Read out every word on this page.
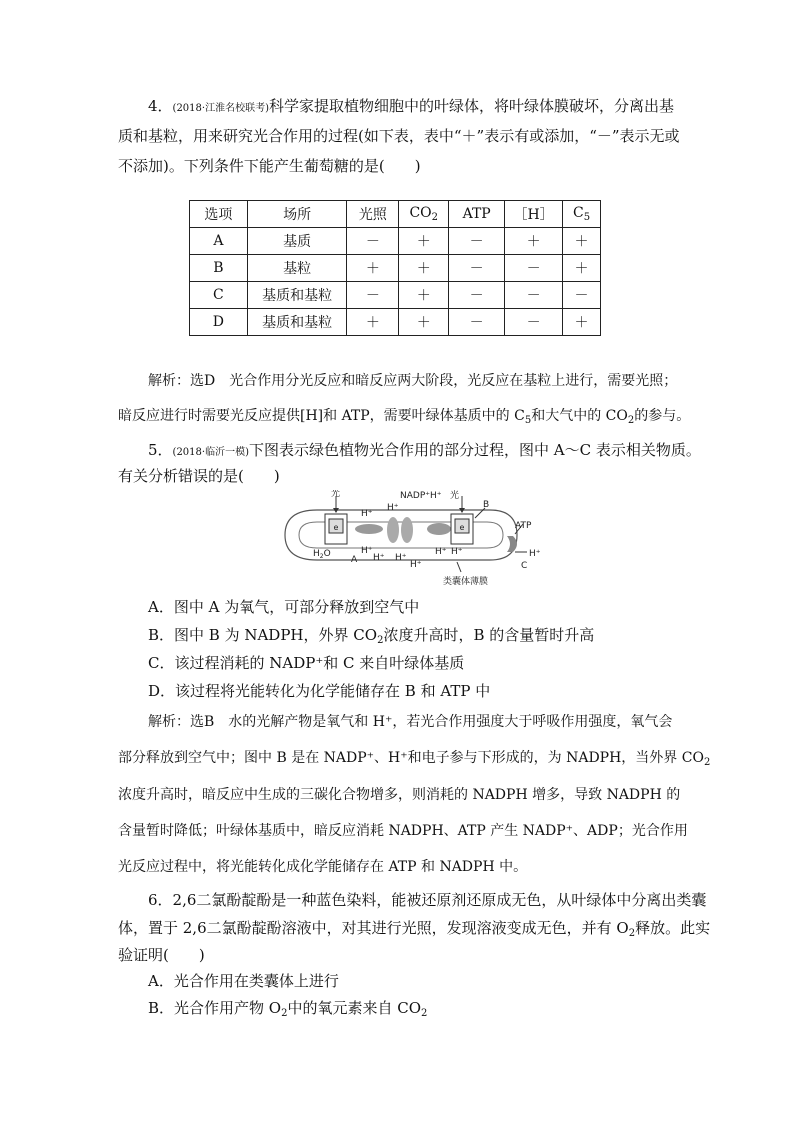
4．(2018·江淮名校联考)科学家提取植物细胞中的叶绿体，将叶绿体膜破坏，分离出基
质和基粒，用来研究光合作用的过程(如下表，表中“＋”表示有或添加，“－”表示无或
不添加)。下列条件下能产生葡萄糖的是(　　)
选项	场所	光照	$CO_2$	ATP	［H］	$C_5$
A	基质	－	＋	－	＋	＋
B	基粒	＋	＋	－	－	＋
C	基质和基粒	－	＋	－	－	－
D	基质和基粒	＋	＋	－	－	＋
解析：选D　光合作用分光反应和暗反应两大阶段，光反应在基粒上进行，需要光照；
暗反应进行时需要光反应提供[H]和 ATP，需要叶绿体基质中的 $C_5$和大气中的 $CO_2$的参与。
5．(2018·临沂一模)下图表示绿色植物光合作用的部分过程，图中 A～C 表示相关物质。
有关分析错误的是(　　)
e	e
光	NADP⁺H⁺ 光
B
H⁺
H⁺
$H_2O$
A
H⁺
H⁺ H⁺
H⁺
H⁺ H⁺
ATP
H⁺
C
类囊体薄膜
A．图中 A 为氧气，可部分释放到空气中
B．图中 B 为 NADPH，外界 $CO_2$浓度升高时，B 的含量暂时升高
C．该过程消耗的 NADP⁺和 C 来自叶绿体基质
D．该过程将光能转化为化学能储存在 B 和 ATP 中
解析：选B　水的光解产物是氧气和 H⁺，若光合作用强度大于呼吸作用强度，氧气会
部分释放到空气中；图中 B 是在 NADP⁺、H⁺和电子参与下形成的，为 NADPH，当外界 $CO_2$
浓度升高时，暗反应中生成的三碳化合物增多，则消耗的 NADPH 增多，导致 NADPH 的
含量暂时降低；叶绿体基质中，暗反应消耗 NADPH、ATP 产生 NADP⁺、ADP；光合作用
光反应过程中，将光能转化成化学能储存在 ATP 和 NADPH 中。
6．2,6二氯酚靛酚是一种蓝色染料，能被还原剂还原成无色，从叶绿体中分离出类囊
体，置于 2,6二氯酚靛酚溶液中，对其进行光照，发现溶液变成无色，并有 $O_2$释放。此实
验证明(　　)
A．光合作用在类囊体上进行
B．光合作用产物 $O_2$中的氧元素来自 $CO_2$
